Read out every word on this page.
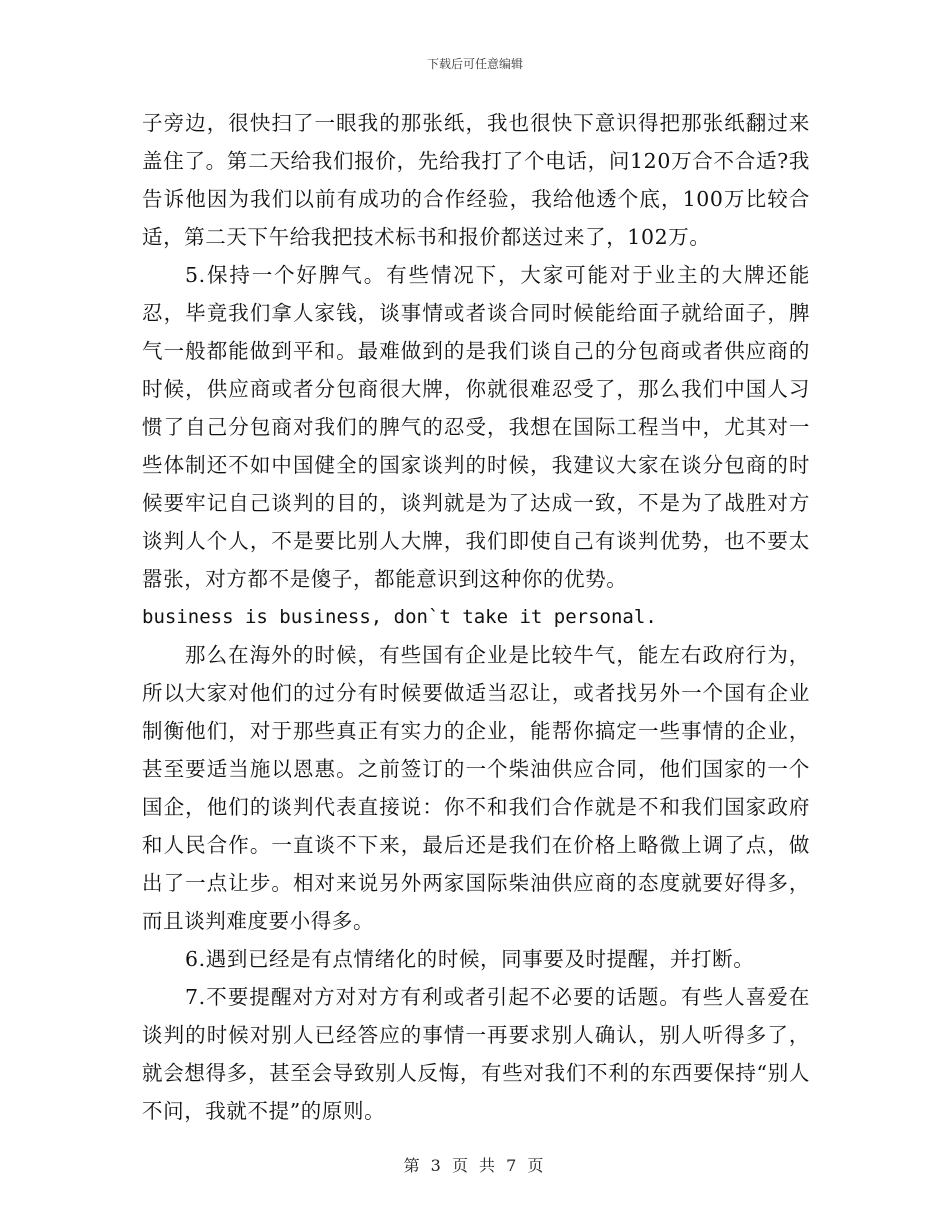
下载后可任意编辑

子旁边，很快扫了一眼我的那张纸，我也很快下意识得把那张纸翻过来盖住了。第二天给我们报价，先给我打了个电话，问120万合不合适?我告诉他因为我们以前有成功的合作经验，我给他透个底，100万比较合适，第二天下午给我把技术标书和报价都送过来了，102万。

5.保持一个好脾气。有些情况下，大家可能对于业主的大牌还能忍，毕竟我们拿人家钱，谈事情或者谈合同时候能给面子就给面子，脾气一般都能做到平和。最难做到的是我们谈自己的分包商或者供应商的时候，供应商或者分包商很大牌，你就很难忍受了，那么我们中国人习惯了自己分包商对我们的脾气的忍受，我想在国际工程当中，尤其对一些体制还不如中国健全的国家谈判的时候，我建议大家在谈分包商的时候要牢记自己谈判的目的，谈判就是为了达成一致，不是为了战胜对方谈判人个人，不是要比别人大牌，我们即使自己有谈判优势，也不要太嚣张，对方都不是傻子，都能意识到这种你的优势。

business is business, don`t take it personal.

那么在海外的时候，有些国有企业是比较牛气，能左右政府行为，所以大家对他们的过分有时候要做适当忍让，或者找另外一个国有企业制衡他们，对于那些真正有实力的企业，能帮你搞定一些事情的企业，甚至要适当施以恩惠。之前签订的一个柴油供应合同，他们国家的一个国企，他们的谈判代表直接说：你不和我们合作就是不和我们国家政府和人民合作。一直谈不下来，最后还是我们在价格上略微上调了点，做出了一点让步。相对来说另外两家国际柴油供应商的态度就要好得多，而且谈判难度要小得多。

6.遇到已经是有点情绪化的时候，同事要及时提醒，并打断。

7.不要提醒对方对对方有利或者引起不必要的话题。有些人喜爱在谈判的时候对别人已经答应的事情一再要求别人确认，别人听得多了，就会想得多，甚至会导致别人反悔，有些对我们不利的东西要保持“别人不问，我就不提”的原则。

第 3 页 共 7 页
